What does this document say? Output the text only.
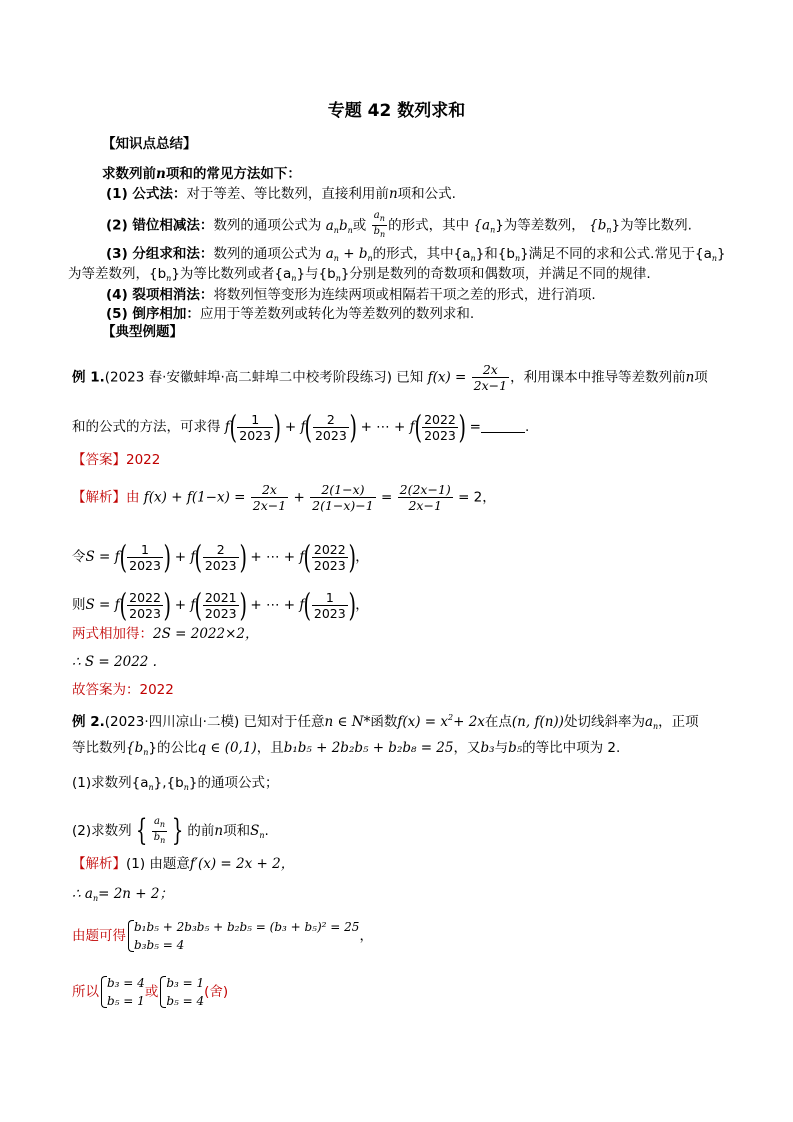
专题 42 数列求和
【知识点总结】
求数列前n项和的常见方法如下：
(1) 公式法：对于等差、等比数列，直接利用前n项和公式.
(2) 错位相减法：数列的通项公式为 $a_nb_n$或 $\frac{a_n}{b_n}$ 的形式，其中 $\{a_n\}$为等差数列， $\{b_n\}$为等比数列.
(3) 分组求和法：数列的通项公式为 $a_n + b_n$的形式，其中$\{a_n\}$和$\{b_n\}$满足不同的求和公式.常见于$\{a_n\}$
为等差数列，$\{b_n\}$为等比数列或者$\{a_n\}$与$\{b_n\}$分别是数列的奇数项和偶数项，并满足不同的规律.
(4) 裂项相消法：将数列恒等变形为连续两项或相隔若干项之差的形式，进行消项.
(5) 倒序相加：应用于等差数列或转化为等差数列的数列求和.
【典型例题】
例 1.(2023 春·安徽蚌埠·高二蚌埠二中校考阶段练习) 已知 $f(x) = \frac{2x}{2x-1}$ ，利用课本中推导等差数列前n项
和的公式的方法，可求得 $f( \frac{1}{2023}$ ) + $f( \frac{2}{2023}$ ) + ⋯ + $f( \frac{2022}{2023}$ ) =	.
【答案】2022
【解析】由 $f(x) + f(1-x) = \frac{2x}{2x-1} + \frac{2(1-x)}{2(1-x)-1} = \frac{2(2x-1)}{2x-1} = 2$，
令$S = f( \frac{1}{2023}$ ) + $f( \frac{2}{2023}$ ) + ⋯ + $f( \frac{2022}{2023}$ )，
则$S = f( \frac{2022}{2023}$ ) + $f( \frac{2021}{2023}$ ) + ⋯ + $f( \frac{1}{2023}$ )，
两式相加得：2S = 2022×2，
∴ S = 2022 .
故答案为：2022
例 2.(2023·四川凉山·二模) 已知对于任意n ∈ N*函数$f(x) = x^2+ 2x$在点(n, f(n))处切线斜率为$a_n$，正项
等比数列$\{b_n\}$的公比q ∈ (0,1)，且b₁b₅ + 2b₂b₅ + b₂b₈ = 25，又b₃与b₅的等比中项为 2.
(1)求数列$\{a_n\},\{b_n\}$的通项公式；
(2)求数列 { $\frac{a_n}{b_n}$ } 的前n项和$S_n$.
【解析】(1) 由题意f′(x) = 2x + 2，
∴ $a_n= 2n + 2$；
由题可得
b₁b₅ + 2b₃b₅ + b₂b₅ = (b₃ + b₅)² = 25
b₃b₅ = 4
，
所以
b₃ = 4
b₅ = 1
或
b₃ = 1
b₅ = 4
(舍)
